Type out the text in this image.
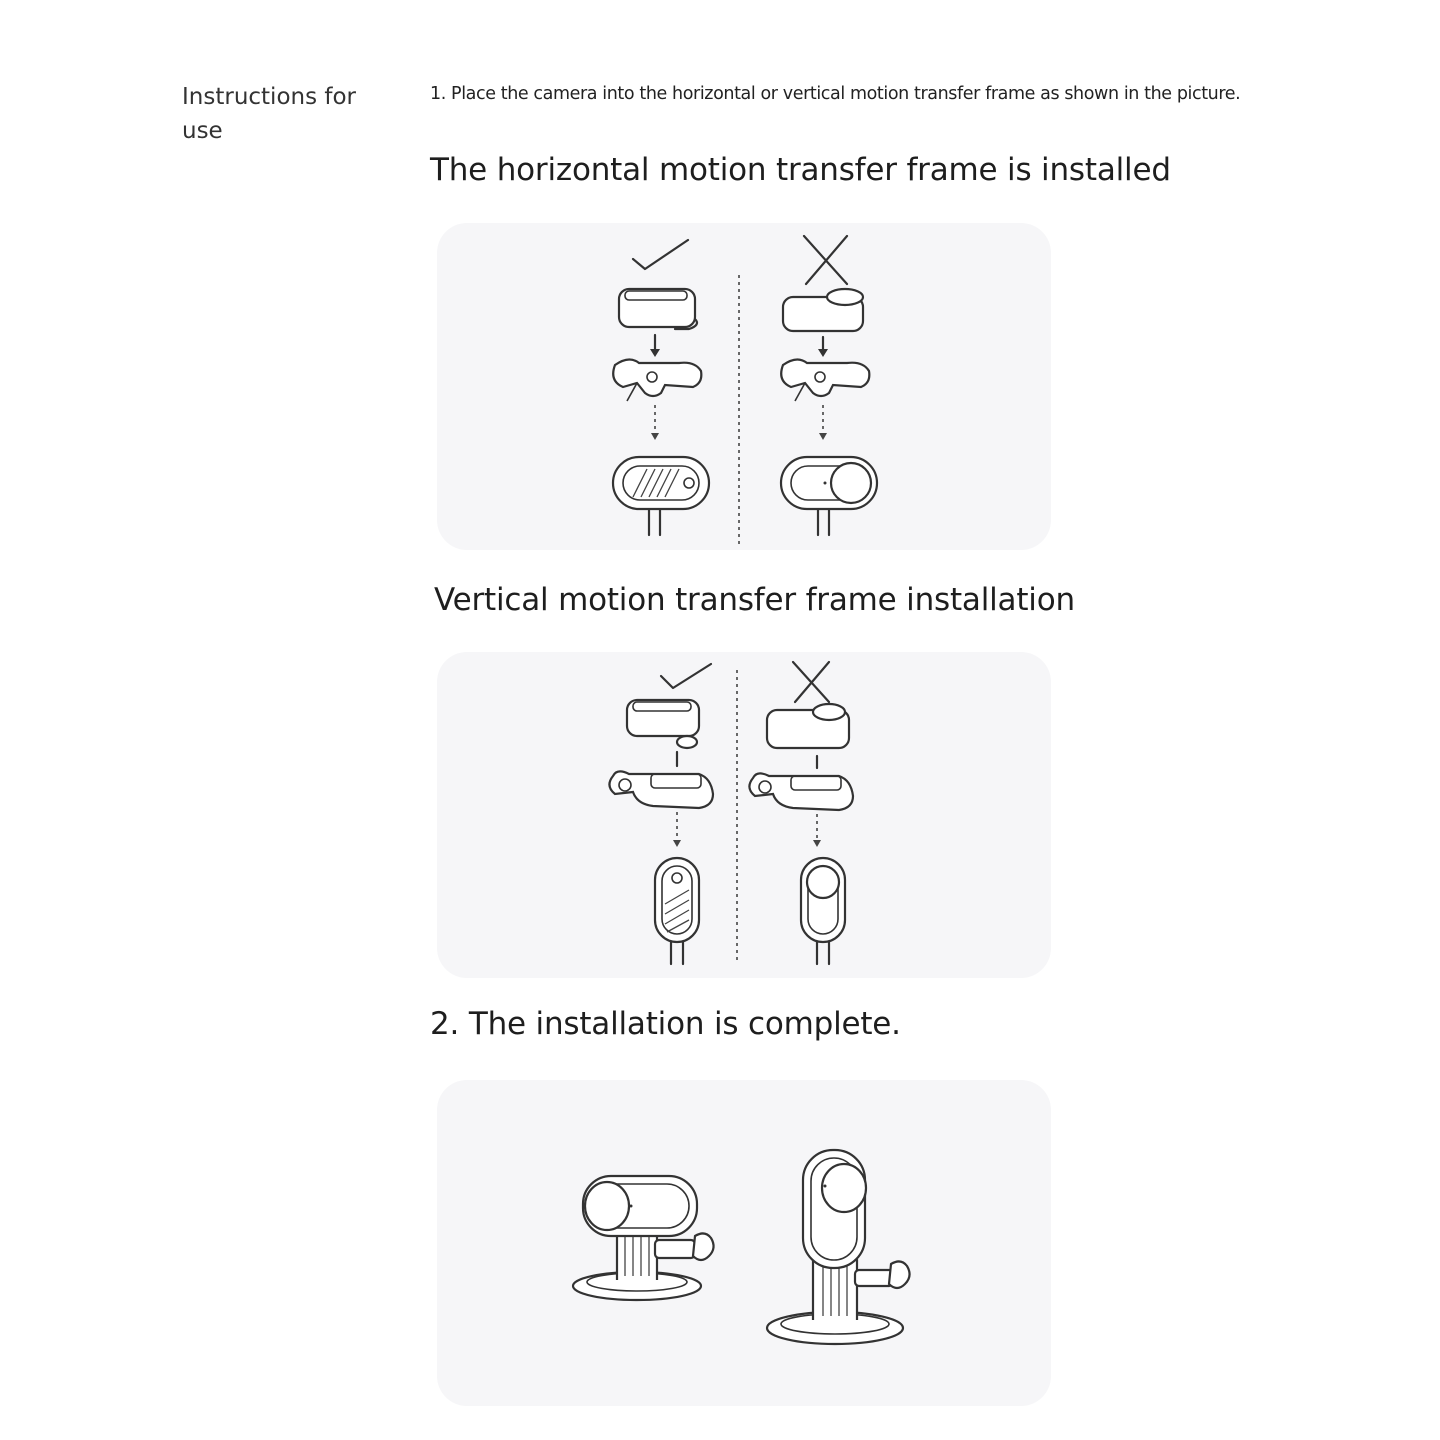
Instructions for
use
1. Place the camera into the horizontal or vertical motion transfer frame as shown in the picture.
The horizontal motion transfer frame is installed
Vertical motion transfer frame installation
2. The installation is complete.
